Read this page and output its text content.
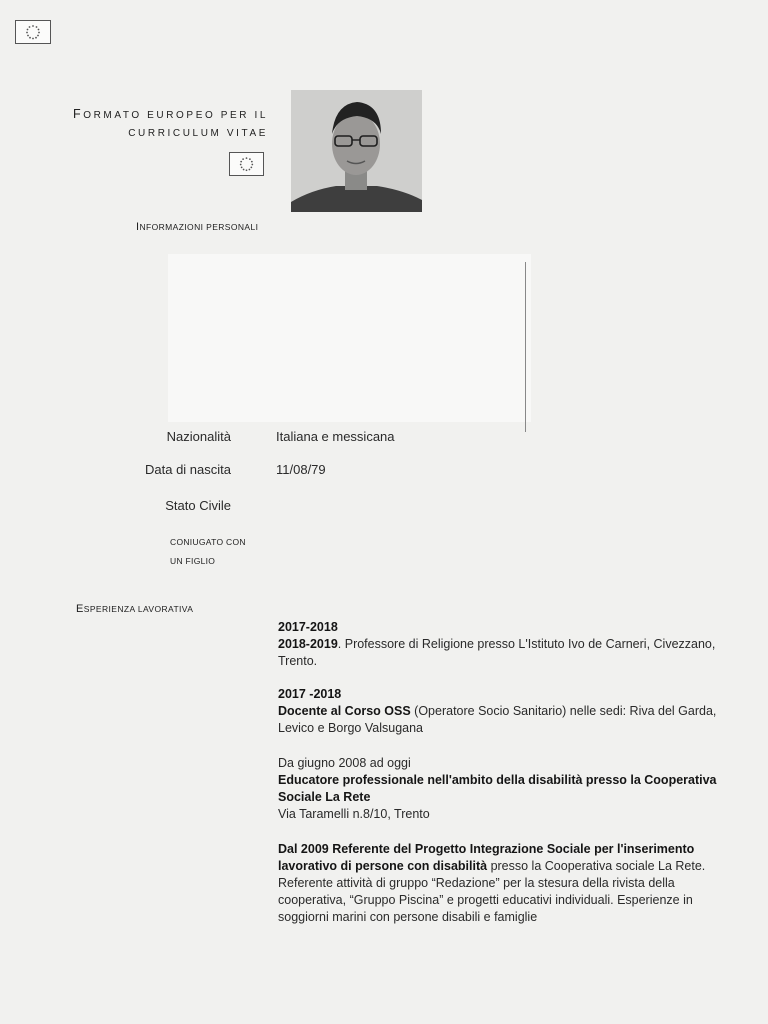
FORMATO EUROPEO PER IL
CURRICULUM VITAE
INFORMAZIONI PERSONALI
Nazionalità	Italiana e messicana
Data di nascita	11/08/79
Stato Civile
CONIUGATO CON
UN FIGLIO
ESPERIENZA LAVORATIVA

2017-2018

2018-2019. Professore di Religione presso L'Istituto Ivo de Carneri, Civezzano, Trento.

2017 -2018

Docente al Corso OSS (Operatore Socio Sanitario) nelle sedi: Riva del Garda, Levico e Borgo Valsugana

Da giugno 2008 ad oggi

Educatore professionale nell'ambito della disabilità presso la Cooperativa Sociale La Rete

Via Taramelli n.8/10, Trento

Dal 2009 Referente del Progetto Integrazione Sociale per l'inserimento lavorativo di persone con disabilità presso la Cooperativa sociale La Rete.

Referente attività di gruppo “Redazione” per la stesura della rivista della cooperativa, “Gruppo Piscina” e progetti educativi individuali. Esperienze in soggiorni marini con persone disabili e famiglie
